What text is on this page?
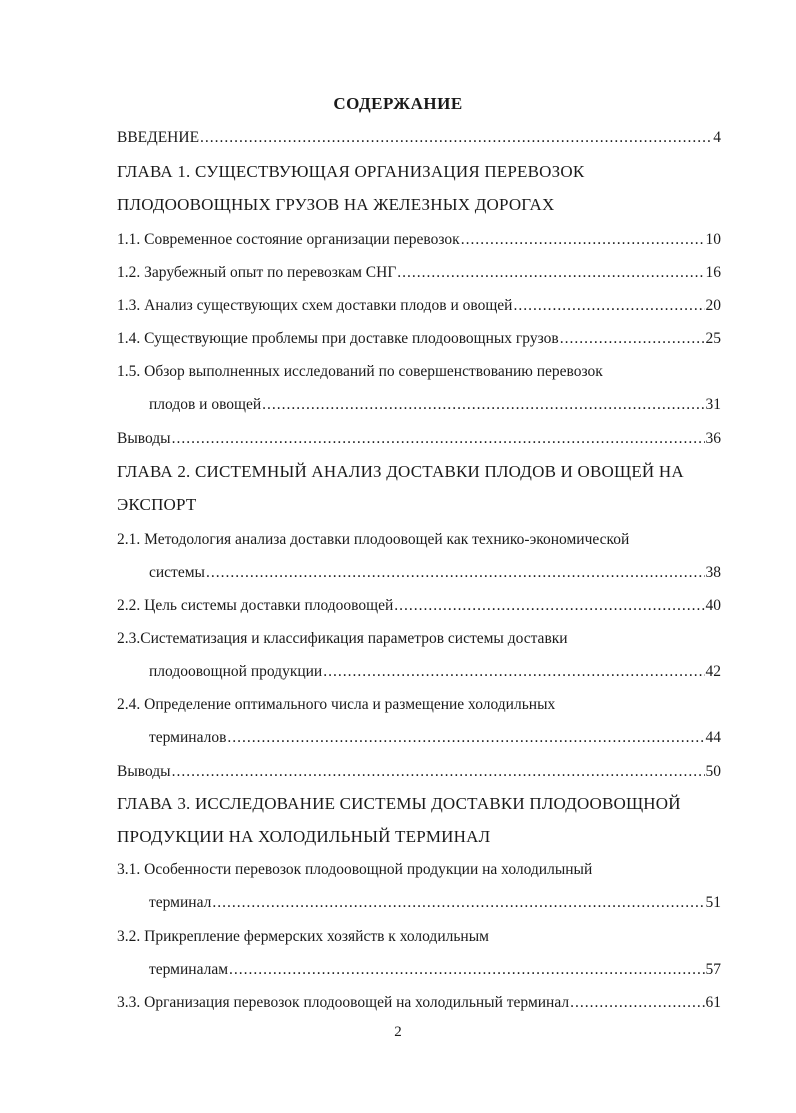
СОДЕРЖАНИЕ
ВВЕДЕНИЕ .....	4
ГЛАВА 1. СУЩЕСТВУЮЩАЯ ОРГАНИЗАЦИЯ ПЕРЕВОЗОК
ПЛОДООВОЩНЫХ ГРУЗОВ НА ЖЕЛЕЗНЫХ ДОРОГАХ
1.1. Современное состояние организации перевозок .....	10
1.2. Зарубежный опыт по перевозкам СНГ .....	16
1.3. Анализ существующих схем доставки плодов и овощей .....	20
1.4. Существующие проблемы при доставке плодоовощных грузов .....	25
1.5. Обзор выполненных исследований по совершенствованию перевозок
плодов и овощей .....	31
Выводы .....	36
ГЛАВА 2. СИСТЕМНЫЙ АНАЛИЗ ДОСТАВКИ ПЛОДОВ И ОВОЩЕЙ НА
ЭКСПОРТ
2.1. Методология анализа доставки плодоовощей как технико-экономической
системы .....	38
2.2. Цель системы доставки плодоовощей .....	40
2.3.Систематизация и классификация параметров системы доставки
плодоовощной продукции .....	42
2.4. Определение оптимального числа и размещение холодильных
терминалов .....	44
Выводы .....	50
ГЛАВА 3. ИССЛЕДОВАНИЕ СИСТЕМЫ ДОСТАВКИ ПЛОДООВОЩНОЙ
ПРОДУКЦИИ НА ХОЛОДИЛЬНЫЙ ТЕРМИНАЛ
3.1. Особенности перевозок плодоовощной продукции на холодилыный
терминал .....	51
3.2. Прикрепление фермерских хозяйств к холодильным
терминалам .....	57
3.3. Организация перевозок плодоовощей на холодильный терминал .....	61
2
